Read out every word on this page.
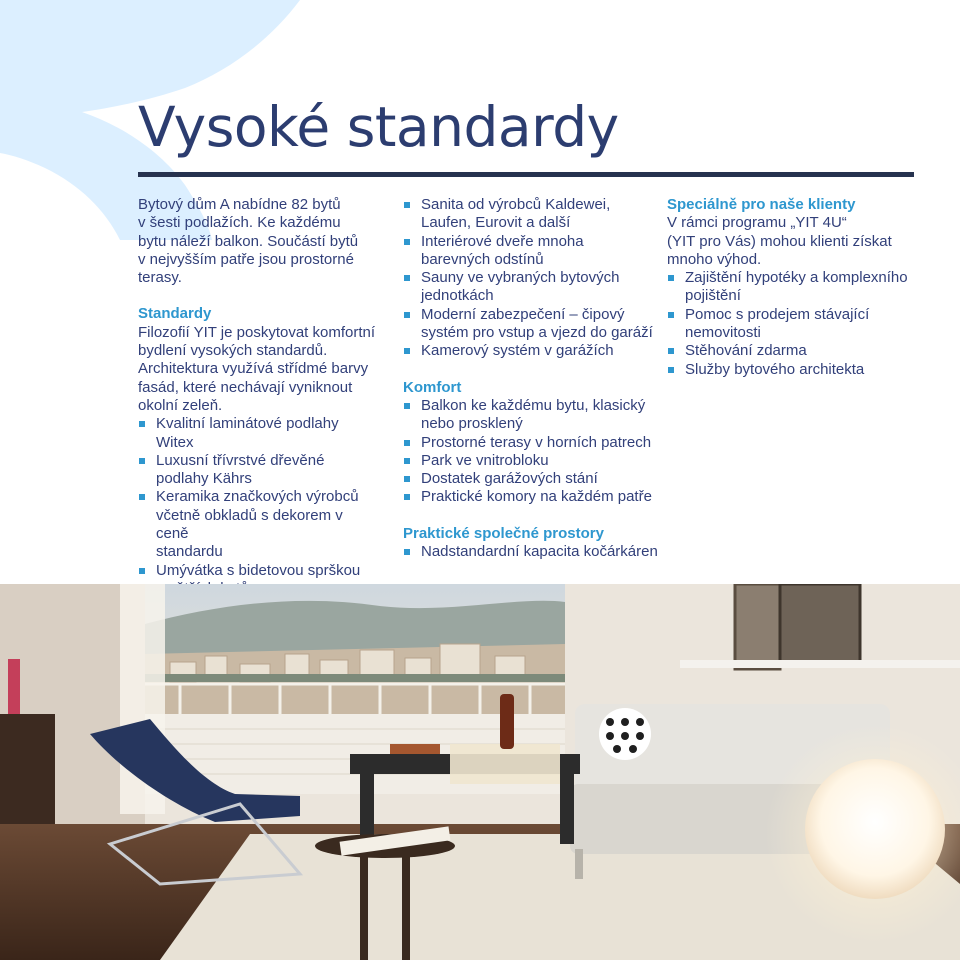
Vysoké standardy

Bytový dům A nabídne 82 bytů
v šesti podlažích. Ke každému
bytu náleží balkon. Součástí bytů
v nejvyšším patře jsou prostorné
terasy.

Standardy

Filozofií YIT je poskytovat komfortní
bydlení vysokých standardů.
Architektura využívá střídmé barvy
fasád, které nechávají vyniknout
okolní zeleň.

Kvalitní laminátové podlahy Witex
Luxusní třívrstvé dřevěné
podlahy Kährs
Keramika značkových výrobců
včetně obkladů s dekorem v ceně
standardu
Umývátka s bidetovou sprškou

Sanita od výrobců Kaldewei,
Laufen, Eurovit a další
Interiérové dveře mnoha
barevných odstínů
Sauny ve vybraných bytových
jednotkách
Moderní zabezpečení – čipový
systém pro vstup a vjezd do garáží
Kamerový systém v garážích
Komfort
Balkon ke každému bytu, klasický
nebo prosklený
Prostorné terasy v horních patrech
Park ve vnitrobloku
Dostatek garážových stání
Praktické komory na každém patře
Praktické společné prostory
Nadstandardní kapacita kočárkáren
Speciálně pro naše klienty

V rámci programu „YIT 4U“
(YIT pro Vás) mohou klienti získat
mnoho výhod.

Zajištění hypotéky a komplexního
pojištění
Pomoc s prodejem stávající
nemovitosti
Stěhování zdarma
Služby bytového architekta
